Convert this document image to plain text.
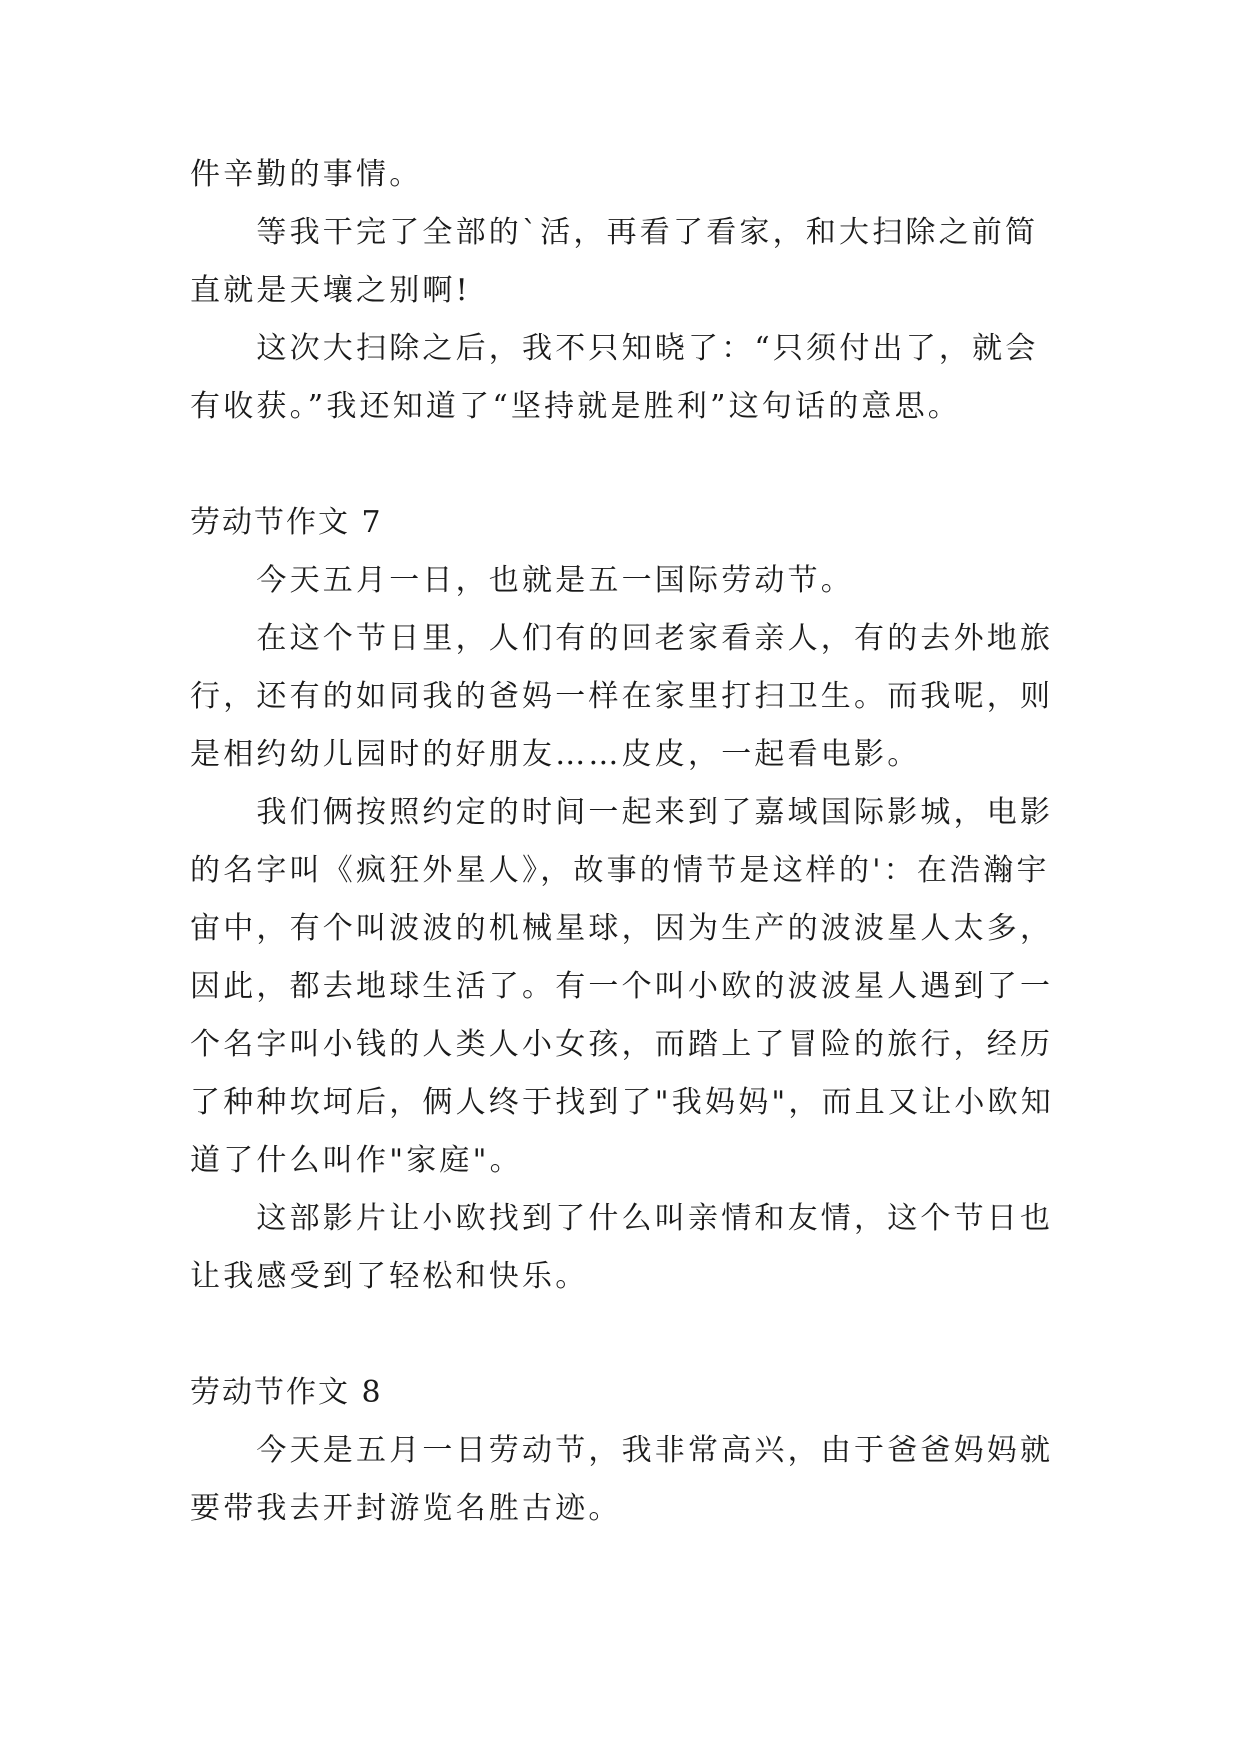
件辛勤的事情。

　　等我干完了全部的`活，再看了看家，和大扫除之前简

直就是天壤之别啊!

　　这次大扫除之后，我不只知晓了：“只须付出了，就会

有收获。”我还知道了“坚持就是胜利”这句话的意思。

劳动节作文 7

　　今天五月一日，也就是五一国际劳动节。

　　在这个节日里，人们有的回老家看亲人，有的去外地旅

行，还有的如同我的爸妈一样在家里打扫卫生。而我呢，则

是相约幼儿园时的好朋友……皮皮，一起看电影。

　　我们俩按照约定的时间一起来到了嘉域国际影城，电影

的名字叫《疯狂外星人》，故事的情节是这样的'：在浩瀚宇

宙中，有个叫波波的机械星球，因为生产的波波星人太多，

因此，都去地球生活了。有一个叫小欧的波波星人遇到了一

个名字叫小钱的人类人小女孩，而踏上了冒险的旅行，经历

了种种坎坷后，俩人终于找到了"我妈妈"，而且又让小欧知

道了什么叫作"家庭"。

　　这部影片让小欧找到了什么叫亲情和友情，这个节日也

让我感受到了轻松和快乐。

劳动节作文 8

　　今天是五月一日劳动节，我非常高兴，由于爸爸妈妈就

要带我去开封游览名胜古迹。
